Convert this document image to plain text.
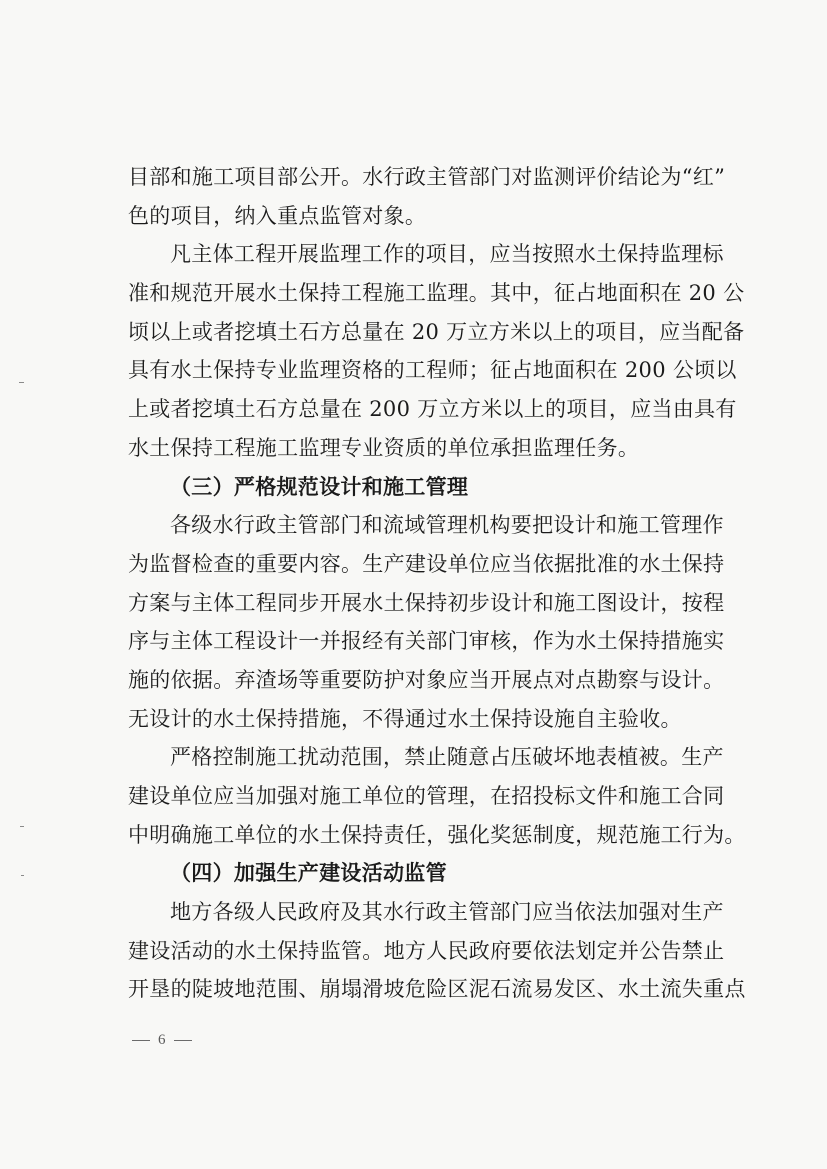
目部和施工项目部公开。水行政主管部门对监测评价结论为“红”
色的项目，纳入重点监管对象。
凡主体工程开展监理工作的项目，应当按照水土保持监理标
准和规范开展水土保持工程施工监理。其中，征占地面积在 20 公
顷以上或者挖填土石方总量在 20 万立方米以上的项目，应当配备
具有水土保持专业监理资格的工程师；征占地面积在 200 公顷以
上或者挖填土石方总量在 200 万立方米以上的项目，应当由具有
水土保持工程施工监理专业资质的单位承担监理任务。
（三）严格规范设计和施工管理
各级水行政主管部门和流域管理机构要把设计和施工管理作
为监督检查的重要内容。生产建设单位应当依据批准的水土保持
方案与主体工程同步开展水土保持初步设计和施工图设计，按程
序与主体工程设计一并报经有关部门审核，作为水土保持措施实
施的依据。弃渣场等重要防护对象应当开展点对点勘察与设计。
无设计的水土保持措施，不得通过水土保持设施自主验收。
严格控制施工扰动范围，禁止随意占压破坏地表植被。生产
建设单位应当加强对施工单位的管理，在招投标文件和施工合同
中明确施工单位的水土保持责任，强化奖惩制度，规范施工行为。
（四）加强生产建设活动监管
地方各级人民政府及其水行政主管部门应当依法加强对生产
建设活动的水土保持监管。地方人民政府要依法划定并公告禁止
开垦的陡坡地范围、崩塌滑坡危险区泥石流易发区、水土流失重点
6
